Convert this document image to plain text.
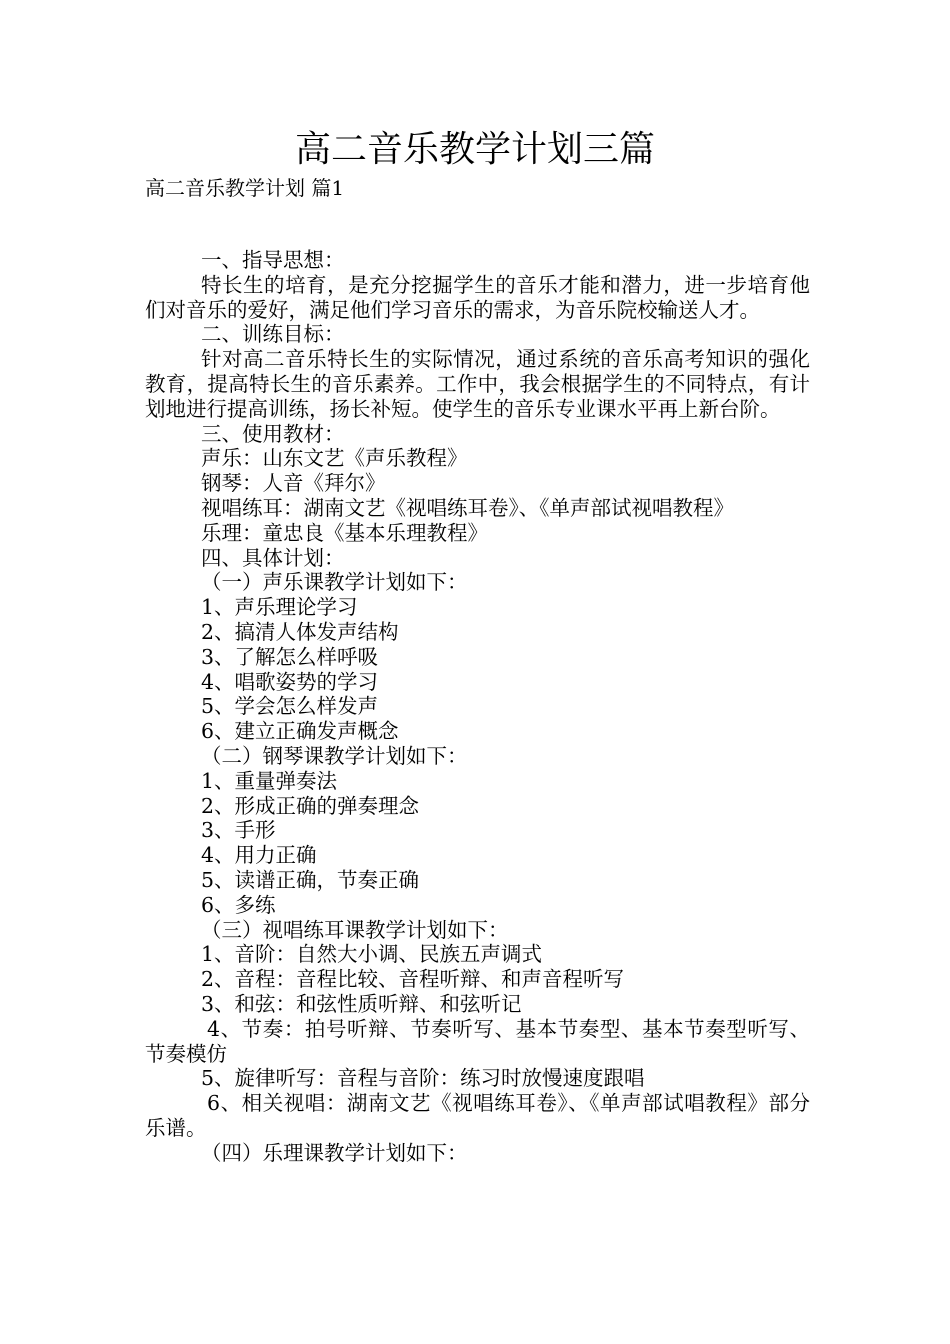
高二音乐教学计划三篇
高二音乐教学计划 篇1

一、指导思想：

特长生的培育，是充分挖掘学生的音乐才能和潜力，进一步培育他们对音乐的爱好，满足他们学习音乐的需求，为音乐院校输送人才。

二、训练目标：

针对高二音乐特长生的实际情况，通过系统的音乐高考知识的强化教育，提高特长生的音乐素养。工作中，我会根据学生的不同特点，有计划地进行提高训练，扬长补短。使学生的音乐专业课水平再上新台阶。

三、使用教材：

声乐：山东文艺《声乐教程》

钢琴：人音《拜尔》

视唱练耳：湖南文艺《视唱练耳卷》、《单声部试视唱教程》

乐理：童忠良《基本乐理教程》

四、具体计划：

（一）声乐课教学计划如下：

1、声乐理论学习

2、搞清人体发声结构

3、了解怎么样呼吸

4、唱歌姿势的学习

5、学会怎么样发声

6、建立正确发声概念

（二）钢琴课教学计划如下：

1、重量弹奏法

2、形成正确的弹奏理念

3、手形

4、用力正确

5、读谱正确，节奏正确

6、多练

（三）视唱练耳课教学计划如下：

1、音阶：自然大小调、民族五声调式

2、音程：音程比较、音程听辩、和声音程听写

3、和弦：和弦性质听辩、和弦听记

4、节奏：拍号听辩、节奏听写、基本节奏型、基本节奏型听写、节奏模仿

5、旋律听写：音程与音阶：练习时放慢速度跟唱

6、相关视唱：湖南文艺《视唱练耳卷》、《单声部试唱教程》部分乐谱。

（四）乐理课教学计划如下：
